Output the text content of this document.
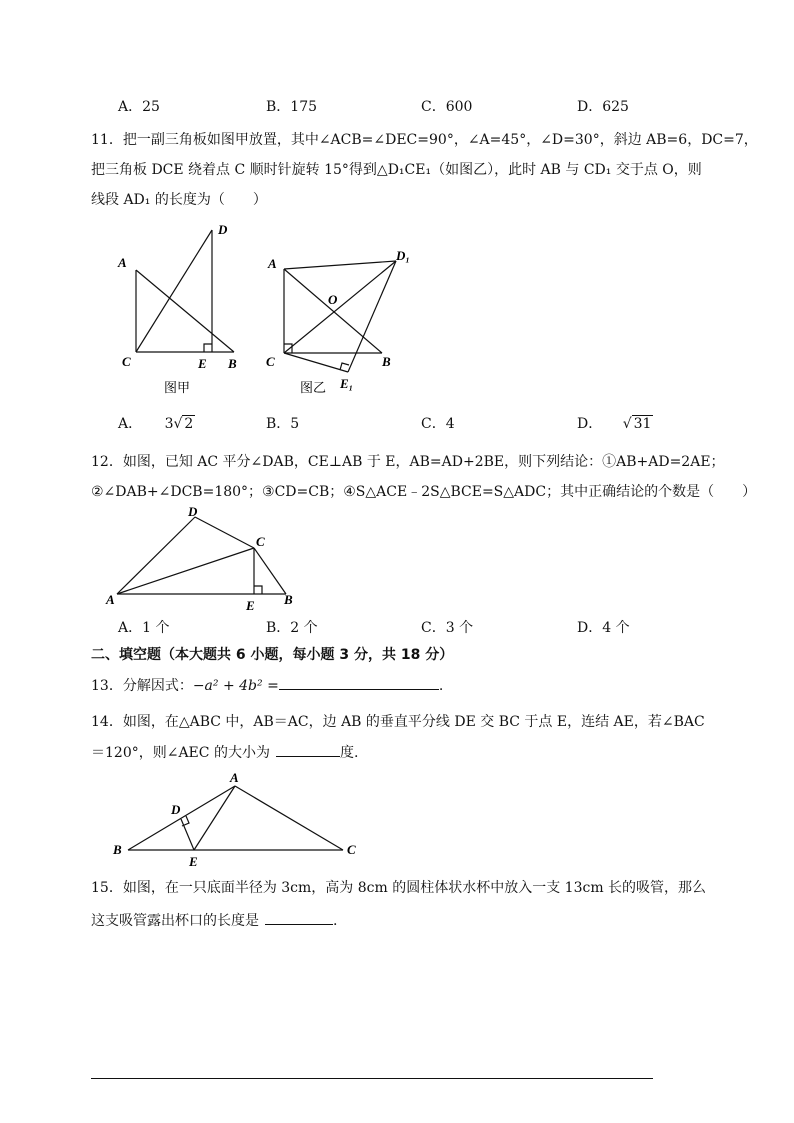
A．25	B．175	C．600	D．625
11．把一副三角板如图甲放置，其中∠ACB=∠DEC=90°，∠A=45°，∠D=30°，斜边 AB=6，DC=7，
把三角板 DCE 绕着点 C 顺时针旋转 15°得到△D₁CE₁（如图乙），此时 AB 与 CD₁ 交于点 O，则
线段 AD₁ 的长度为（　　）
A
D
C	E B
图甲
A
D₁
O
C	B
E₁
图乙
A． 3√ 2	B．5	C．4	D． √ 31
12．如图，已知 AC 平分∠DAB，CE⊥AB 于 E，AB=AD+2BE，则下列结论：①AB+AD=2AE；
②∠DAB+∠DCB=180°；③CD=CB；④S△ACE﹣2S△BCE=S△ADC；其中正确结论的个数是（　　）
A
D
C
E B
A．1 个	B．2 个	C．3 个	D．4 个
二、填空题（本大题共 6 小题，每小题 3 分，共 18 分）
13．分解因式：−a² + 4b² =	.
14．如图，在△ABC 中，AB＝AC，边 AB 的垂直平分线 DE 交 BC 于点 E，连结 AE，若∠BAC
＝120°，则∠AEC 的大小为	度.
B
A
C
D
E
15．如图，在一只底面半径为 3cm，高为 8cm 的圆柱体状水杯中放入一支 13cm 长的吸管，那么
这支吸管露出杯口的长度是	.
